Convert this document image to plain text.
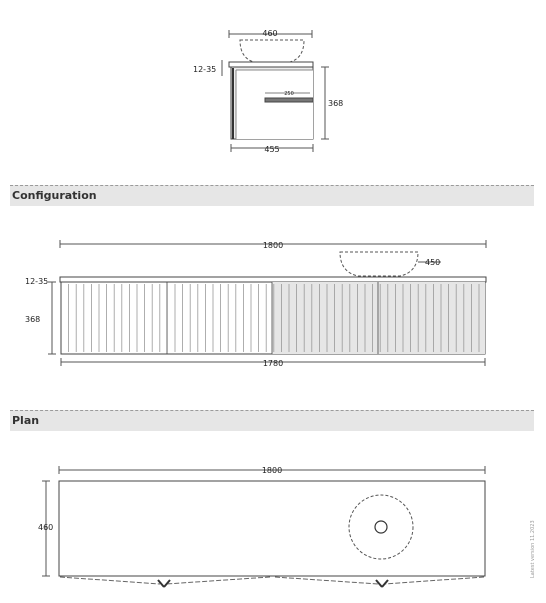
Configuration
Plan
460
12-35
250
368
455
1800
450
12-35
368
1780
1800
460	Latest version 11.2023
